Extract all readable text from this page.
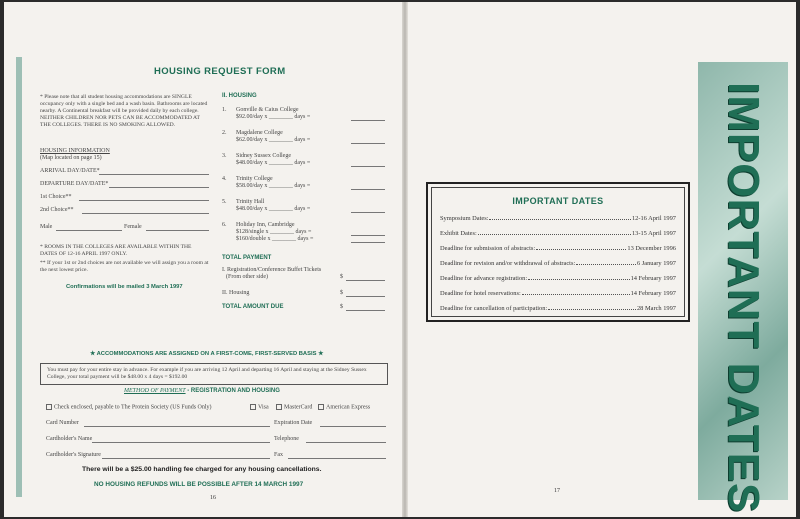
HOUSING REQUEST FORM
* Please note that all student housing accommodations are SINGLE occupancy only with a single bed and a wash basin. Bathrooms are located nearby. A Continental breakfast will be provided daily by each college. NEITHER CHILDREN NOR PETS CAN BE ACCOMMODATED AT THE COLLEGES. THERE IS NO SMOKING ALLOWED.
HOUSING INFORMATION
(Map located on page 15)
ARRIVAL DAY/DATE*
DEPARTURE DAY/DATE*
1st Choice**
2nd Choice**
Male	Female
* ROOMS IN THE COLLEGES ARE AVAILABLE WITHIN THE DATES OF 12-16 APRIL 1997 ONLY.
** If your 1st or 2nd choices are not available we will assign you a room at the next lowest price.
Confirmations will be mailed 3 March 1997
II. HOUSING
1. Gonville & Caius College
$92.00/day x ________ days =
2. Magdalene College
$62.00/day x ________ days =
3. Sidney Sussex College
$48.00/day x ________ days =
4. Trinity College
$58.00/day x ________ days =
5. Trinity Hall
$48.00/day x ________ days =
6. Holiday Inn, Cambridge
$128/single x ________ days =
$160/double x ________ days =
TOTAL PAYMENT
I. Registration/Conference Buffet Tickets
(From other side)	$
II. Housing	$
TOTAL AMOUNT DUE	$
★ ACCOMMODATIONS ARE ASSIGNED ON A FIRST-COME, FIRST-SERVED BASIS ★
You must pay for your entire stay in advance. For example if you are arriving 12 April and departing 16 April and staying at the Sidney Sussex College, your total payment will be $48.00 x 4 days = $192.00
METHOD OF PAYMENT - REGISTRATION AND HOUSING
Check enclosed, payable to The Protein Society (US Funds Only)	Visa	MasterCard	American Express
Card Number	Expiration Date
Cardholder's Name	Telephone
Cardholder's Signature	Fax
There will be a $25.00 handling fee charged for any housing cancellations.
NO HOUSING REFUNDS WILL BE POSSIBLE AFTER 14 MARCH 1997
16
IMPORTANT DATES
Symposium Dates:	12-16 April 1997
Exhibit Dates:	13-15 April 1997
Deadline for submission of abstracts:	13 December 1996
Deadline for revision and/or withdrawal of abstracts:	6 January 1997
Deadline for advance registration:	14 February 1997
Deadline for hotel reservations:	14 February 1997
Deadline for cancellation of participation:	28 March 1997 IMPORTANT DATES
17
